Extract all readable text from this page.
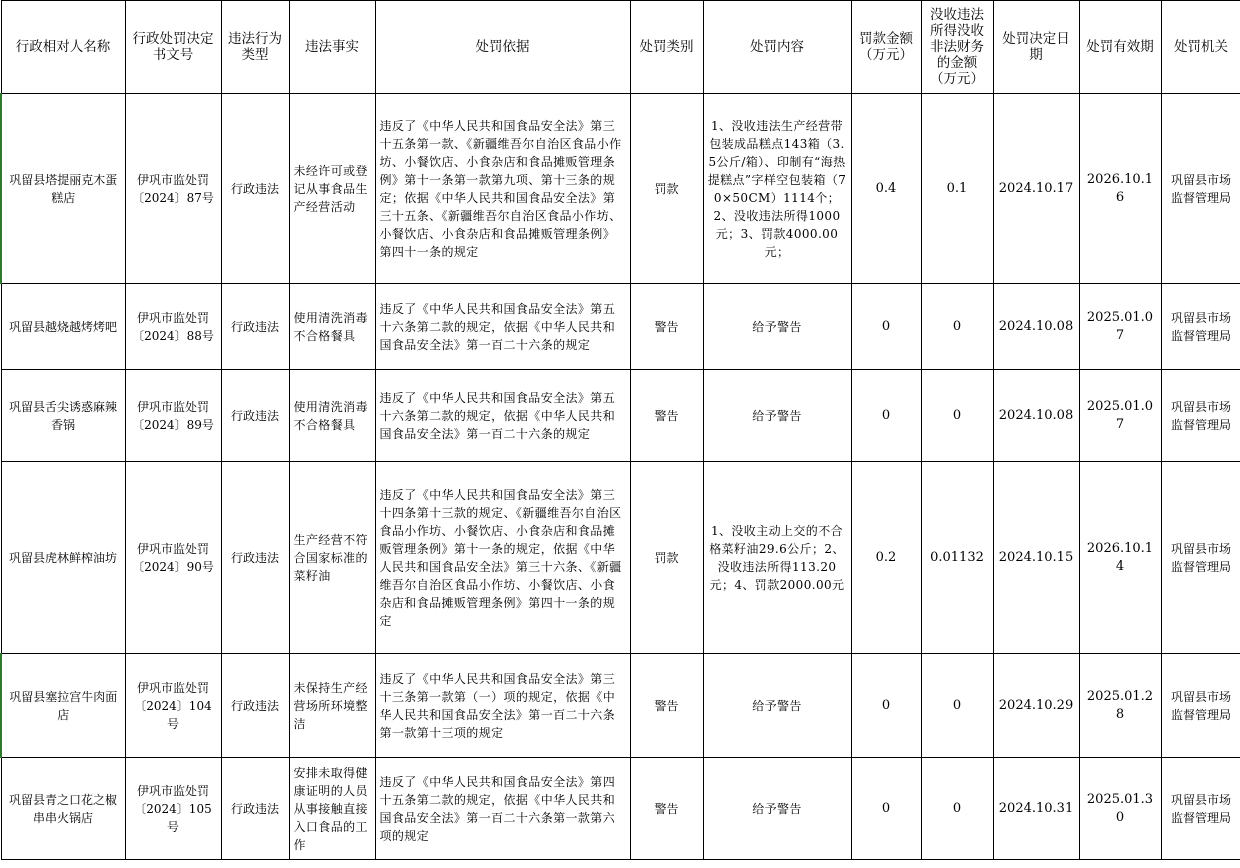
行政相对人名称	行政处罚决定书文号	违法行为类型	违法事实	处罚依据	处罚类别	处罚内容	罚款金额（万元）	没收违法所得没收非法财务的金额（万元）	处罚决定日期	处罚有效期	处罚机关
巩留县塔提丽克木蛋糕店	伊巩市监处罚〔2024〕87号	行政违法	未经许可或登记从事食品生产经营活动	违反了《中华人民共和国食品安全法》第三十五条第一款、《新疆维吾尔自治区食品小作坊、小餐饮店、小食杂店和食品摊贩管理条例》第十一条第一款第九项、第十三条的规定；依据《中华人民共和国食品安全法》第三十五条、《新疆维吾尔自治区食品小作坊、小餐饮店、小食杂店和食品摊贩管理条例》第四十一条的规定	罚款	1、没收违法生产经营带包装成品糕点143箱（3.5公斤/箱）、印制有“海热提糕点”字样空包装箱（70×50CM）1114个；2、没收违法所得1000元；3、罚款4000.00元；	0.4	0.1	2024.10.17	2026.10.16	巩留县市场监督管理局
巩留县越烧越烤烤吧	伊巩市监处罚〔2024〕88号	行政违法	使用清洗消毒不合格餐具	违反了《中华人民共和国食品安全法》第五十六条第二款的规定，依据《中华人民共和国食品安全法》第一百二十六条的规定	警告	给予警告	0	0	2024.10.08	2025.01.07	巩留县市场监督管理局
巩留县舌尖诱惑麻辣香锅	伊巩市监处罚〔2024〕89号	行政违法	使用清洗消毒不合格餐具	违反了《中华人民共和国食品安全法》第五十六条第二款的规定，依据《中华人民共和国食品安全法》第一百二十六条的规定	警告	给予警告	0	0	2024.10.08	2025.01.07	巩留县市场监督管理局
巩留县虎林鲜榨油坊	伊巩市监处罚〔2024〕90号	行政违法	生产经营不符合国家标准的菜籽油	违反了《中华人民共和国食品安全法》第三十四条第十三款的规定、《新疆维吾尔自治区食品小作坊、小餐饮店、小食杂店和食品摊贩管理条例》第十一条的规定，依据《中华人民共和国食品安全法》第三十六条、《新疆维吾尔自治区食品小作坊、小餐饮店、小食杂店和食品摊贩管理条例》第四十一条的规定	罚款	1、没收主动上交的不合格菜籽油29.6公斤；2、没收违法所得113.20元；4、罚款2000.00元	0.2	0.01132	2024.10.15	2026.10.14	巩留县市场监督管理局
巩留县塞拉宫牛肉面店	伊巩市监处罚〔2024〕104号	行政违法	未保持生产经营场所环境整洁	违反了《中华人民共和国食品安全法》第三十三条第一款第（一）项的规定，依据《中华人民共和国食品安全法》第一百二十六条第一款第十三项的规定	警告	给予警告	0	0	2024.10.29	2025.01.28	巩留县市场监督管理局
巩留县青之口花之椒串串火锅店	伊巩市监处罚〔2024〕105号	行政违法	安排未取得健康证明的人员从事接触直接入口食品的工作	违反了《中华人民共和国食品安全法》第四十五条第二款的规定，依据《中华人民共和国食品安全法》第一百二十六条第一款第六项的规定	警告	给予警告	0	0	2024.10.31	2025.01.30	巩留县市场监督管理局
